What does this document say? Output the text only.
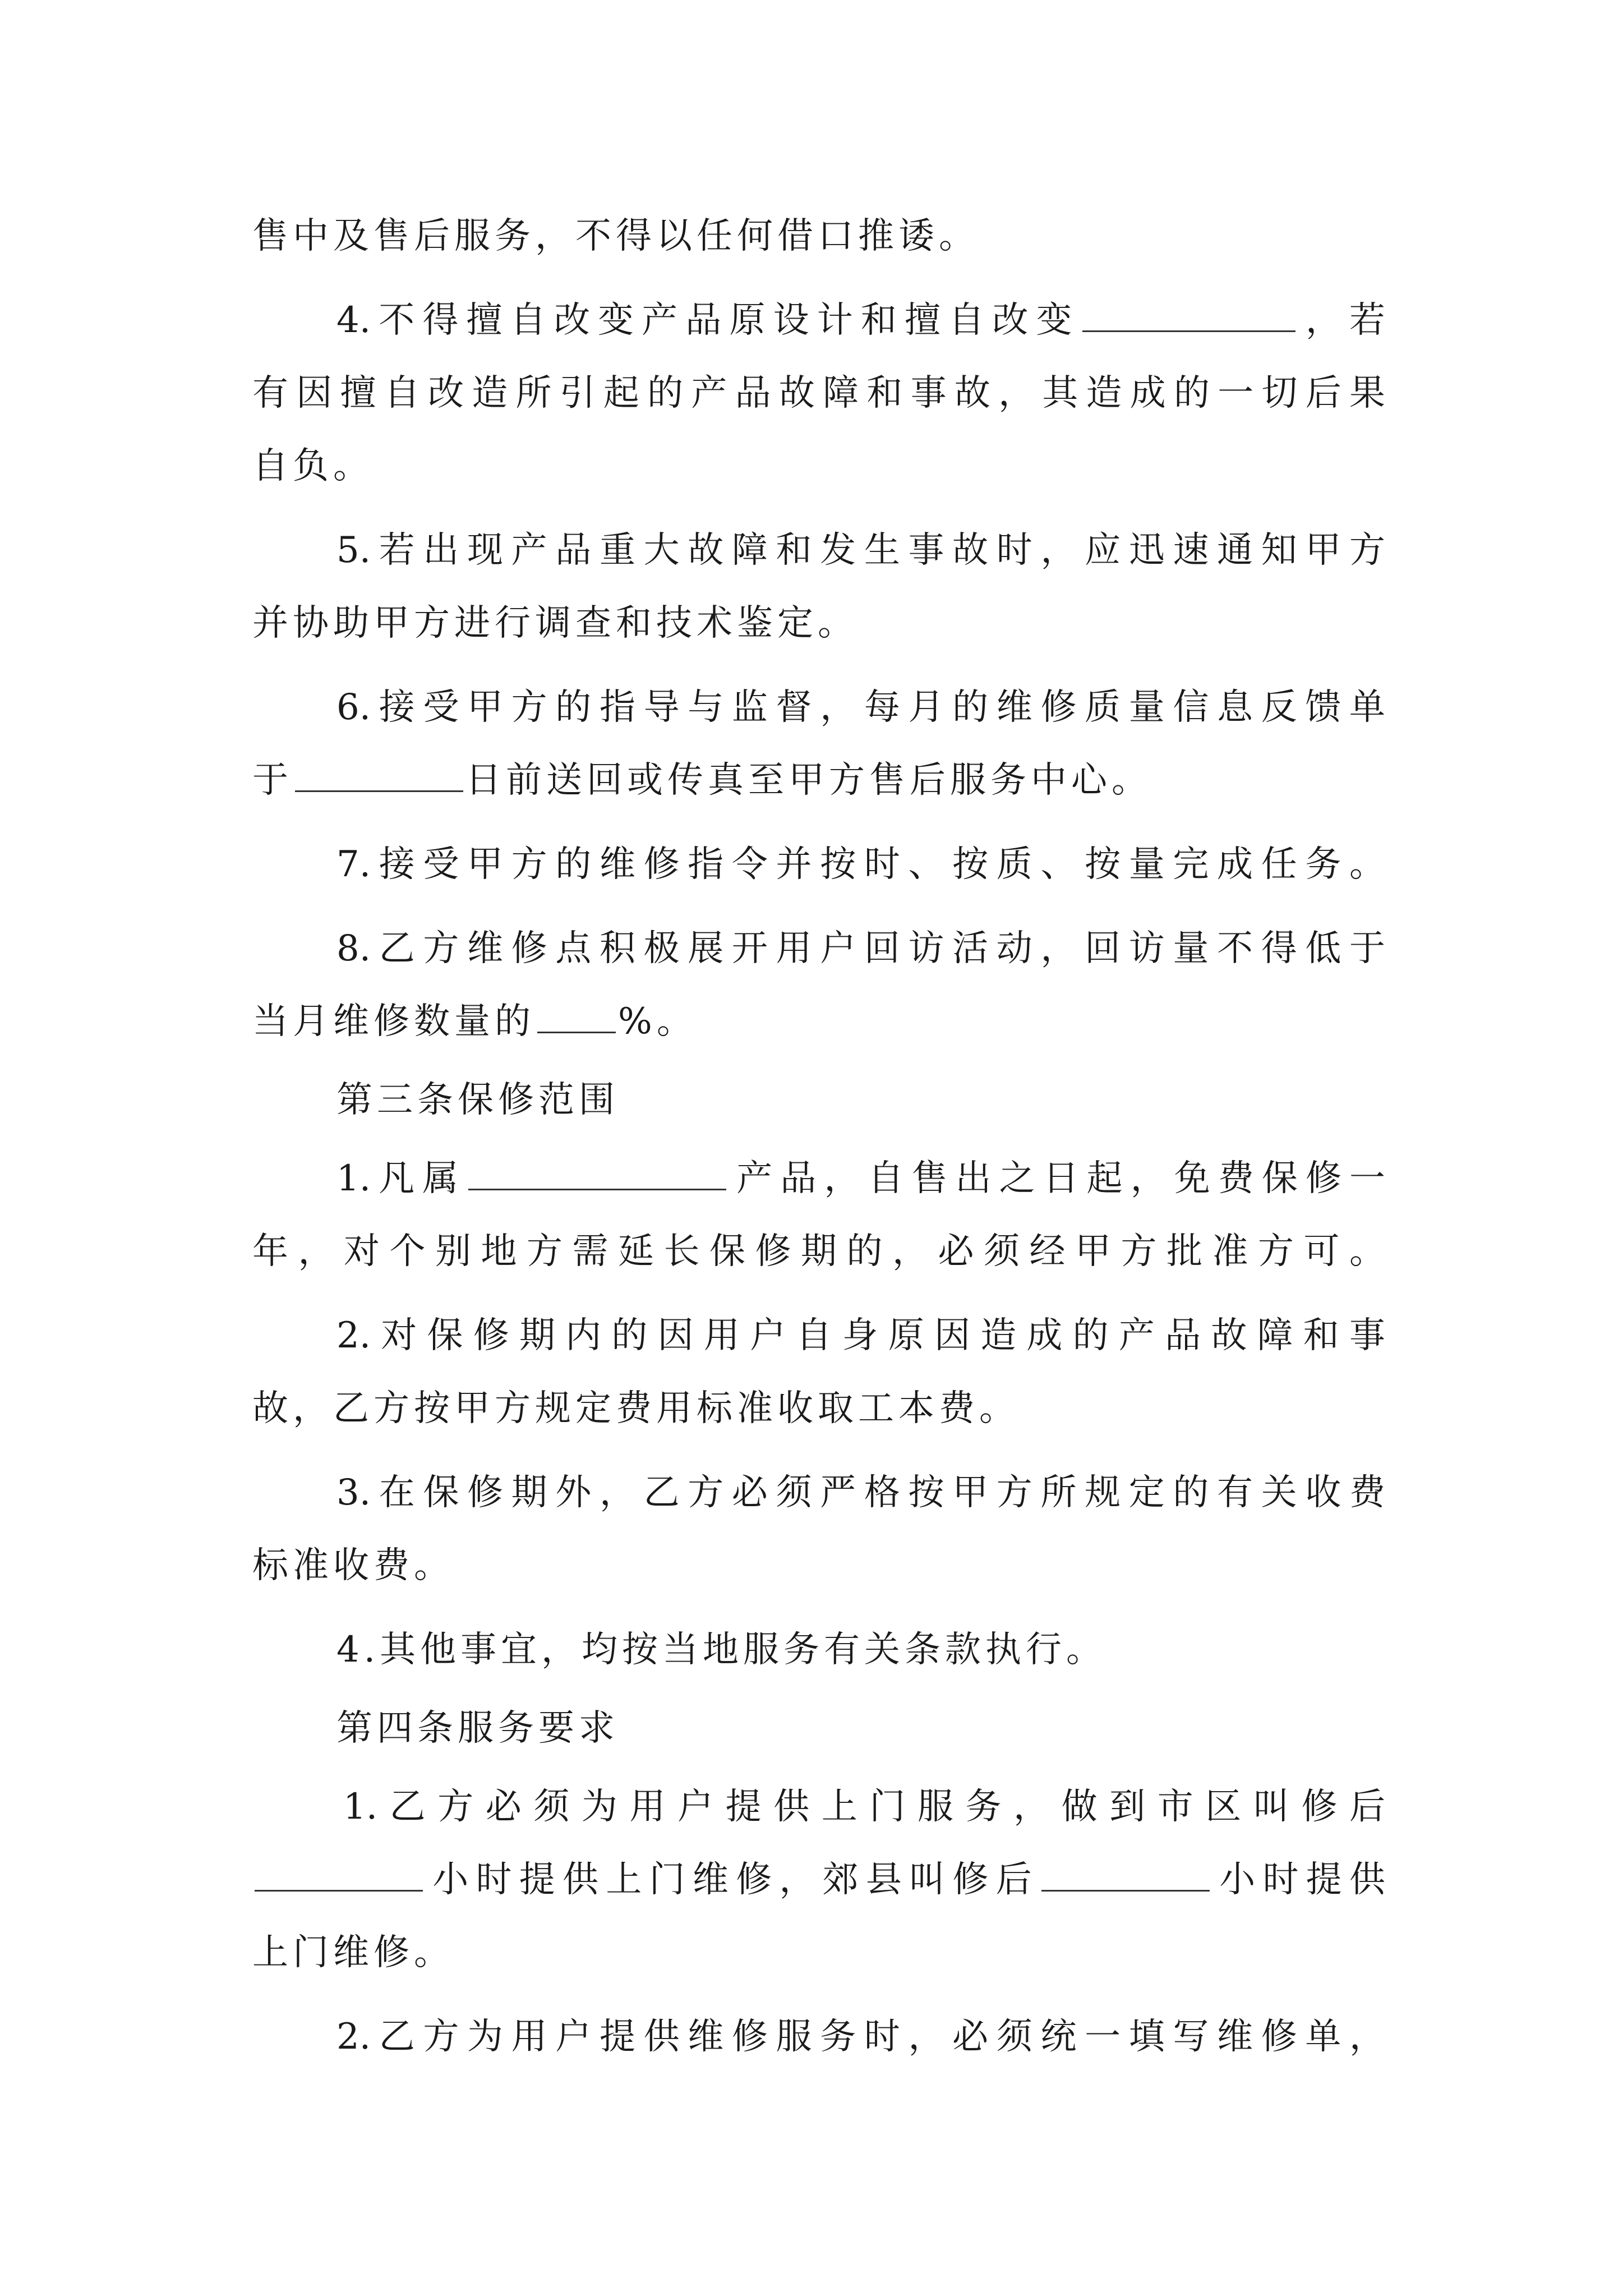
售中及售后服务，不得以任何借口推诿。
4.不得擅自改变产品原设计和擅自改变	，若
有因擅自改造所引起的产品故障和事故，其造成的一切后果
自负。
5.若出现产品重大故障和发生事故时，应迅速通知甲方
并协助甲方进行调查和技术鉴定。
6.接受甲方的指导与监督，每月的维修质量信息反馈单
于	日前送回或传真至甲方售后服务中心。
7.接受甲方的维修指令并按时、按质、按量完成任务。
8.乙方维修点积极展开用户回访活动，回访量不得低于
当月维修数量的 %。
第三条保修范围
1.凡属	产品，自售出之日起，免费保修一
年，对个别地方需延长保修期的，必须经甲方批准方可。
2.对保修期内的因用户自身原因造成的产品故障和事
故，乙方按甲方规定费用标准收取工本费。
3.在保修期外，乙方必须严格按甲方所规定的有关收费
标准收费。
4.其他事宜，均按当地服务有关条款执行。
第四条服务要求
1.乙方必须为用户提供上门服务，做到市区叫修后
小时提供上门维修，郊县叫修后	小时提供
上门维修。
2.乙方为用户提供维修服务时，必须统一填写维修单，
